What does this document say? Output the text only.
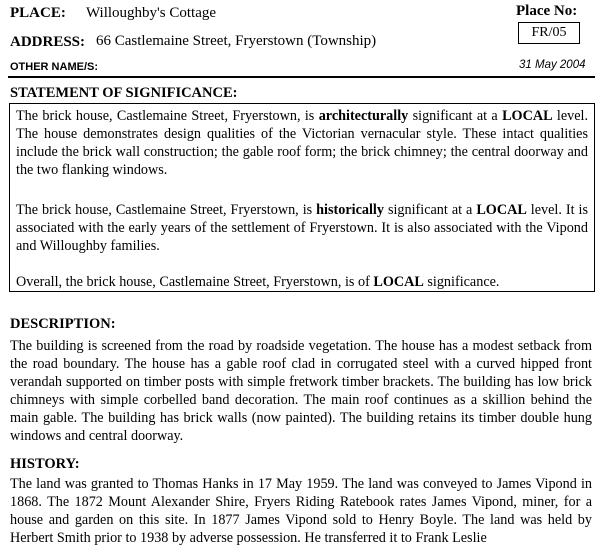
PLACE: Willoughby's Cottage
ADDRESS: 66 Castlemaine Street, Fryerstown (Township)
OTHER NAME/S:
Place No:
FR/05
31 May 2004
STATEMENT OF SIGNIFICANCE:

The brick house, Castlemaine Street, Fryerstown, is architecturally significant at a LOCAL level. The house demonstrates design qualities of the Victorian vernacular style. These intact qualities include the brick wall construction; the gable roof form; the brick chimney; the central doorway and the two flanking windows.

The brick house, Castlemaine Street, Fryerstown, is historically significant at a LOCAL level. It is associated with the early years of the settlement of Fryerstown. It is also associated with the Vipond and Willoughby families.

Overall, the brick house, Castlemaine Street, Fryerstown, is of LOCAL significance.

DESCRIPTION:

The building is screened from the road by roadside vegetation. The house has a modest setback from the road boundary. The house has a gable roof clad in corrugated steel with a curved hipped front verandah supported on timber posts with simple fretwork timber brackets. The building has low brick chimneys with simple corbelled band decoration. The main roof continues as a skillion behind the main gable. The building has brick walls (now painted). The building retains its timber double hung windows and central doorway.

HISTORY:

The land was granted to Thomas Hanks in 17 May 1959. The land was conveyed to James Vipond in 1868. The 1872 Mount Alexander Shire, Fryers Riding Ratebook rates James Vipond, miner, for a house and garden on this site. In 1877 James Vipond sold to Henry Boyle. The land was held by Herbert Smith prior to 1938 by adverse possession. He transferred it to Frank Leslie
